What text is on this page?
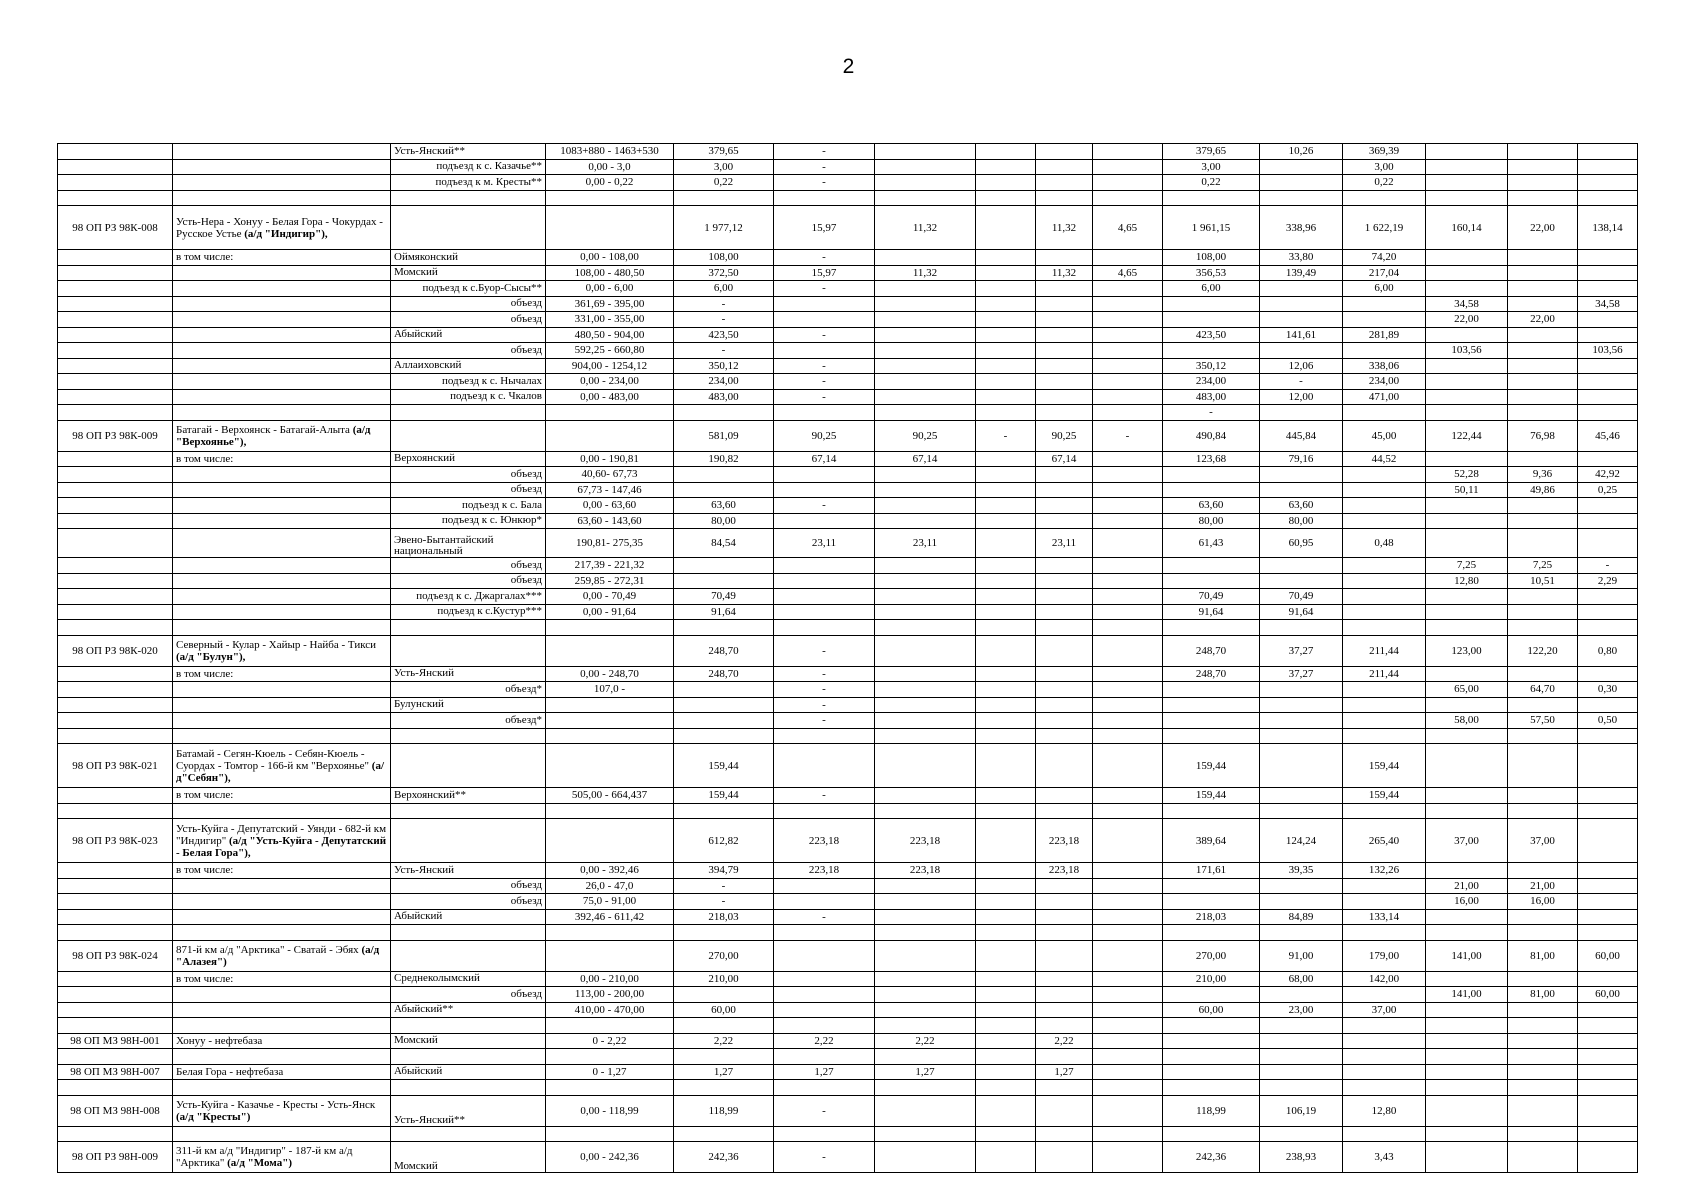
2
		Усть-Янский**	1083+880 - 1463+530	379,65	-					379,65	10,26	369,39			
		подъезд к с. Казачье**	0,00 - 3,0	3,00	-					3,00		3,00			
		подъезд к м. Кресты**	0,00 - 0,22	0,22	-					0,22		0,22			

98 ОП РЗ 98К-008	Усть-Нера - Хонуу - Белая Гора - Чокурдах - Русское Устье (а/д "Индигир"),			1 977,12	15,97	11,32		11,32	4,65	1 961,15	338,96	1 622,19	160,14	22,00	138,14
	в том числе:	Оймяконский	0,00 - 108,00	108,00	-					108,00	33,80	74,20			
		Момский	108,00 - 480,50	372,50	15,97	11,32		11,32	4,65	356,53	139,49	217,04			
		подъезд к с.Буор-Сысы**	0,00 - 6,00	6,00	-					6,00		6,00			
		объезд	361,69 - 395,00	-									34,58		34,58
		объезд	331,00 - 355,00	-									22,00	22,00	
		Абыйский	480,50 - 904,00	423,50	-					423,50	141,61	281,89			
		объезд	592,25 - 660,80	-									103,56		103,56
		Аллаиховский	904,00 - 1254,12	350,12	-					350,12	12,06	338,06			
		подъезд к с. Нычалах	0,00 - 234,00	234,00	-					234,00	-	234,00			
		подъезд к с. Чкалов	0,00 - 483,00	483,00	-					483,00	12,00	471,00			
										-					
98 ОП РЗ 98К-009	Батагай - Верхоянск - Батагай-Алыта (а/д "Верхоянье"),			581,09	90,25	90,25	-	90,25	-	490,84	445,84	45,00	122,44	76,98	45,46
	в том числе:	Верхоянский	0,00 - 190,81	190,82	67,14	67,14		67,14		123,68	79,16	44,52			
		объезд	40,60- 67,73										52,28	9,36	42,92
		объезд	67,73 - 147,46										50,11	49,86	0,25
		подъезд к с. Бала	0,00 - 63,60	63,60	-					63,60	63,60				
		подъезд к с. Юнкюр*	63,60 - 143,60	80,00						80,00	80,00				
		Эвено-Бытантайский национальный	190,81- 275,35	84,54	23,11	23,11		23,11		61,43	60,95	0,48			
		объезд	217,39 - 221,32										7,25	7,25	-
		объезд	259,85 - 272,31										12,80	10,51	2,29
		подъезд к с. Джаргалах***	0,00 - 70,49	70,49						70,49	70,49				
		подъезд к с.Кустур***	0,00 - 91,64	91,64						91,64	91,64				

98 ОП РЗ 98К-020	Северный - Кулар - Хайыр - Найба - Тикси (а/д "Булун"),			248,70	-					248,70	37,27	211,44	123,00	122,20	0,80
	в том числе:	Усть-Янский	0,00 - 248,70	248,70	-					248,70	37,27	211,44			
		объезд*	107,0 -		-								65,00	64,70	0,30
		Булунский			-										
		объезд*			-								58,00	57,50	0,50

98 ОП РЗ 98К-021	Батамай - Сегян-Кюель - Себян-Кюель - Суордах - Томтор - 166-й км "Верхоянье" (а/д"Себян"),			159,44						159,44		159,44			
	в том числе:	Верхоянский**	505,00 - 664,437	159,44	-					159,44		159,44			

98 ОП РЗ 98К-023	Усть-Куйга - Депутатский - Уянди - 682-й км "Индигир" (а/д "Усть-Куйга - Депутатский - Белая Гора"),			612,82	223,18	223,18		223,18		389,64	124,24	265,40	37,00	37,00	
	в том числе:	Усть-Янский	0,00 - 392,46	394,79	223,18	223,18		223,18		171,61	39,35	132,26			
		объезд	26,0 - 47,0	-									21,00	21,00	
		объезд	75,0 - 91,00	-									16,00	16,00	
		Абыйский	392,46 - 611,42	218,03	-					218,03	84,89	133,14			

98 ОП РЗ 98К-024	871-й км а/д "Арктика" - Сватай - Эбях (а/д "Алазея")			270,00						270,00	91,00	179,00	141,00	81,00	60,00
	в том числе:	Среднеколымский	0,00 - 210,00	210,00						210,00	68,00	142,00			
		объезд	113,00 - 200,00										141,00	81,00	60,00
		Абыйский**	410,00 - 470,00	60,00						60,00	23,00	37,00			

98 ОП МЗ 98Н-001	Хонуу - нефтебаза	Момский	0 - 2,22	2,22	2,22	2,22		2,22							

98 ОП МЗ 98Н-007	Белая Гора - нефтебаза	Абыйский	0 - 1,27	1,27	1,27	1,27		1,27							

98 ОП МЗ 98Н-008	Усть-Куйга - Казачье - Кресты - Усть-Янск (а/д "Кресты")	Усть-Янский**	0,00 - 118,99	118,99	-					118,99	106,19	12,80			

98 ОП РЗ 98Н-009	311-й км а/д "Индигир" - 187-й км а/д "Арктика" (а/д "Мома")	Момский	0,00 - 242,36	242,36	-					242,36	238,93	3,43			
